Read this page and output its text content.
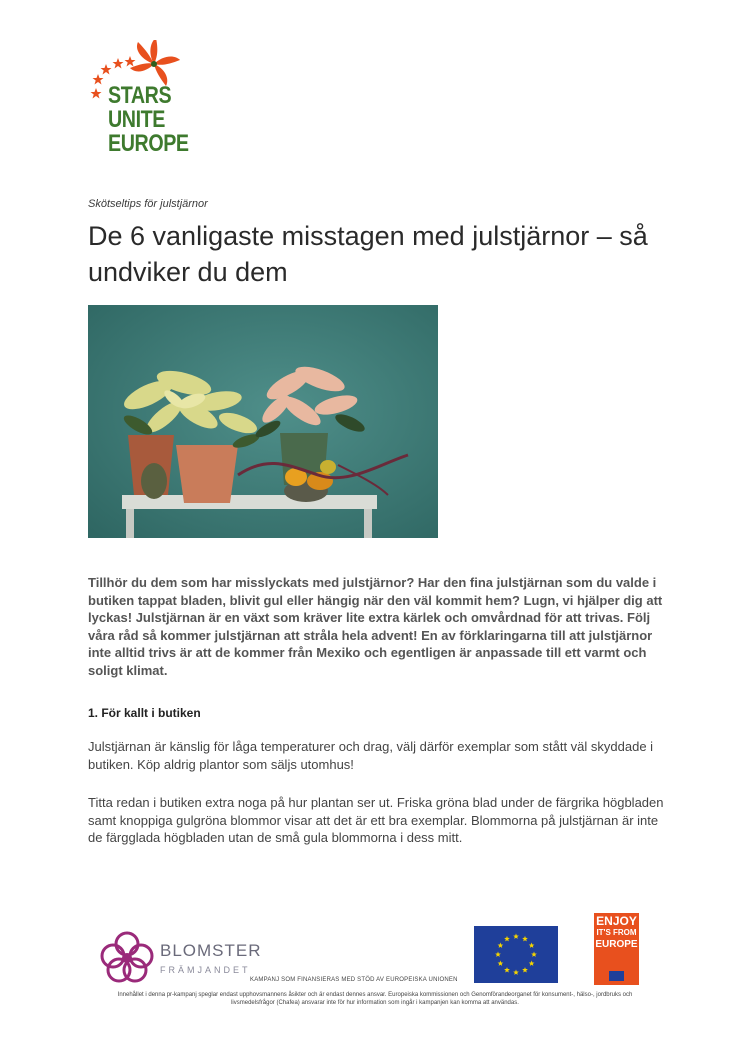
STARS
UNITE
EUROPE
Skötseltips för julstjärnor
De 6 vanligaste misstagen med julstjärnor – så undviker du dem
Tillhör du dem som har misslyckats med julstjärnor? Har den fina julstjärnan som du valde i butiken tappat bladen, blivit gul eller hängig när den väl kommit hem? Lugn, vi hjälper dig att lyckas! Julstjärnan är en växt som kräver lite extra kärlek och omvårdnad för att trivas. Följ våra råd så kommer julstjärnan att stråla hela advent! En av förklaringarna till att julstjärnor inte alltid trivs är att de kommer från Mexiko och egentligen är anpassade till ett varmt och soligt klimat.
1. För kallt i butiken
Julstjärnan är känslig för låga temperaturer och drag, välj därför exemplar som stått väl skyddade i butiken. Köp aldrig plantor som säljs utomhus!
Titta redan i butiken extra noga på hur plantan ser ut. Friska gröna blad under de färgrika högbladen samt knoppiga gulgröna blommor visar att det är ett bra exemplar. Blommorna på julstjärnan är inte de färgglada högbladen utan de små gula blommorna i dess mitt.
BLOMSTER
FRÄMJANDET
KAMPANJ SOM FINANSIERAS MED STÖD AV EUROPEISKA UNIONEN
ENJOY
IT'S FROM
EUROPE
Innehållet i denna pr-kampanj speglar endast upphovsmannens åsikter och är endast dennes ansvar. Europeiska kommissionen och Genomförandeorganet för konsument-, hälso-, jordbruks och livsmedelsfrågor (Chafea) ansvarar inte för hur information som ingår i kampanjen kan komma att användas.
